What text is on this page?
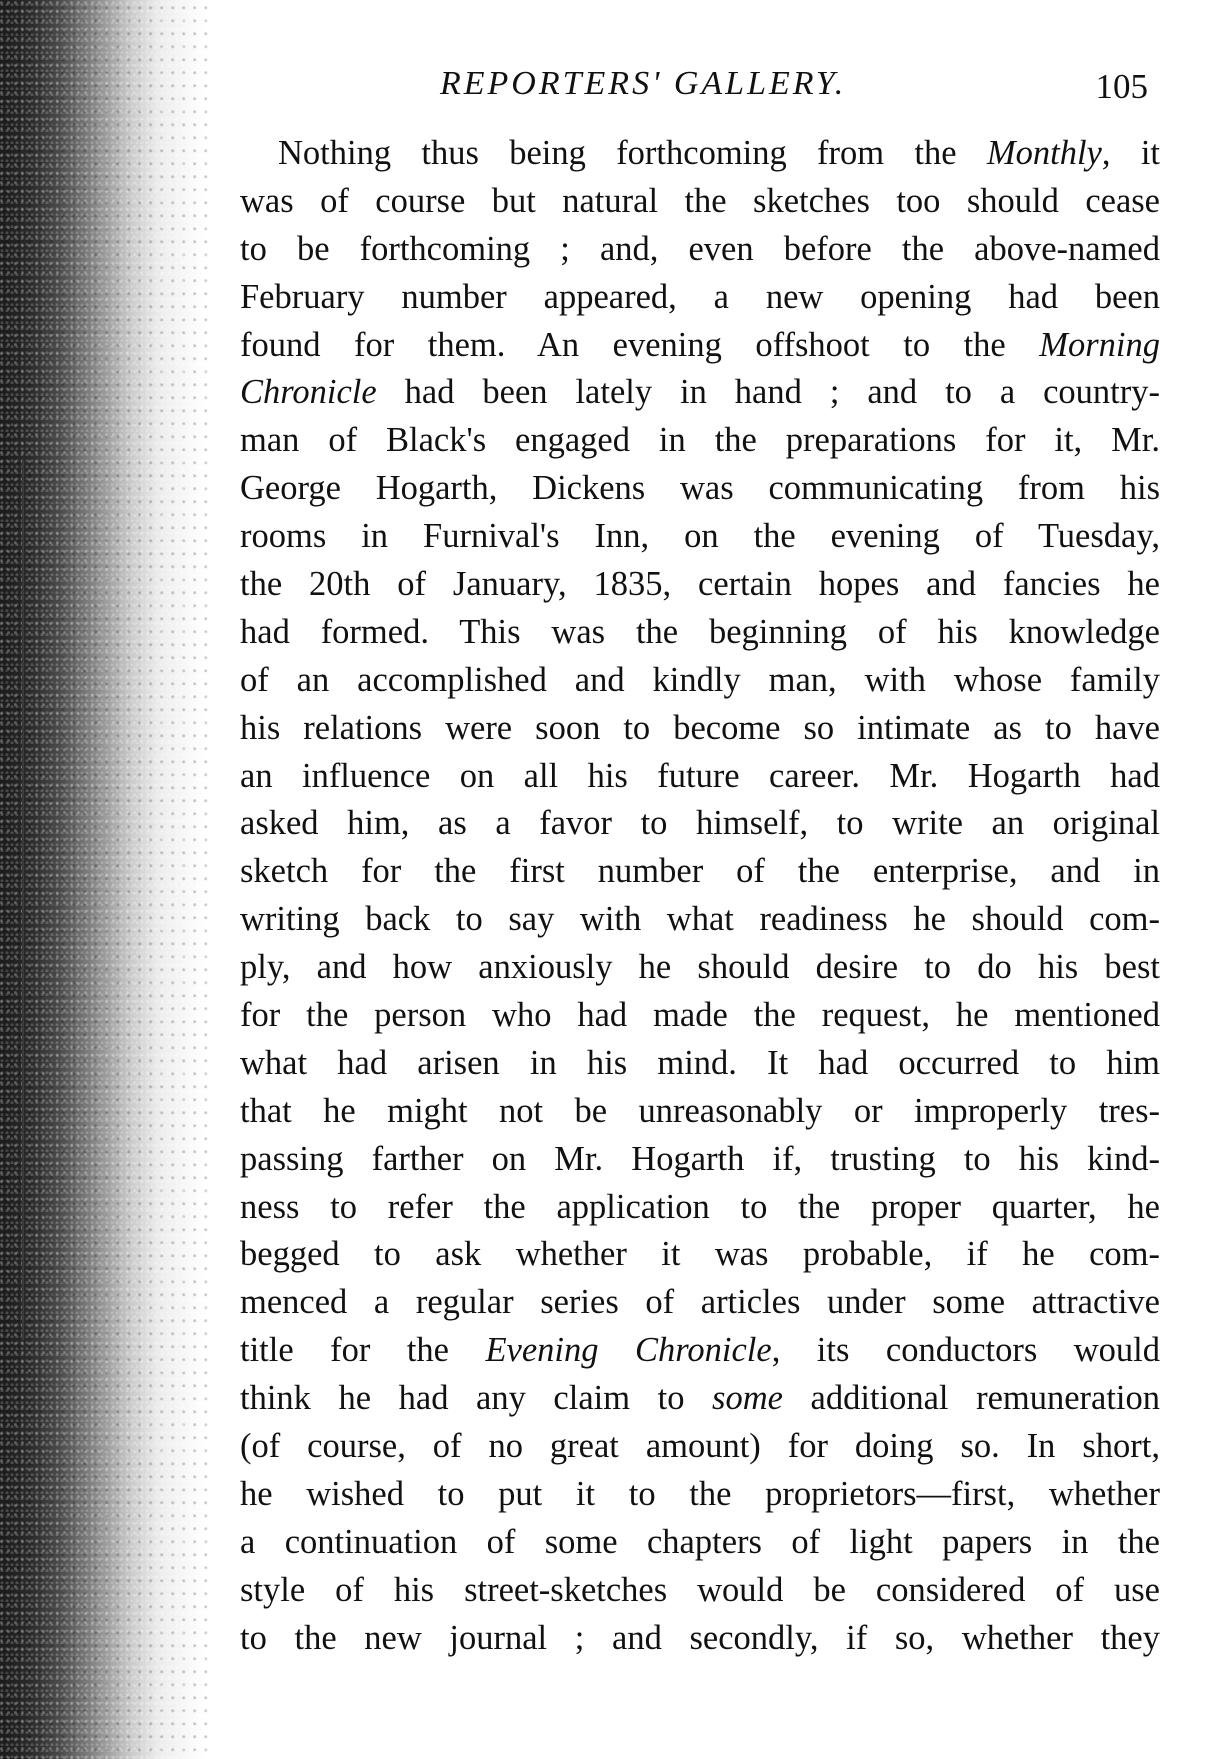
REPORTERS' GALLERY.	105
Nothing thus being forthcoming from the Monthly, it
was of course but natural the sketches too should cease
to be forthcoming ; and, even before the above-named
February number appeared, a new opening had been
found for them. An evening offshoot to the Morning
Chronicle had been lately in hand ; and to a country-
man of Black's engaged in the preparations for it, Mr.
George Hogarth, Dickens was communicating from his
rooms in Furnival's Inn, on the evening of Tuesday,
the 20th of January, 1835, certain hopes and fancies he
had formed. This was the beginning of his knowledge
of an accomplished and kindly man, with whose family
his relations were soon to become so intimate as to have
an influence on all his future career. Mr. Hogarth had
asked him, as a favor to himself, to write an original
sketch for the first number of the enterprise, and in
writing back to say with what readiness he should com-
ply, and how anxiously he should desire to do his best
for the person who had made the request, he mentioned
what had arisen in his mind. It had occurred to him
that he might not be unreasonably or improperly tres-
passing farther on Mr. Hogarth if, trusting to his kind-
ness to refer the application to the proper quarter, he
begged to ask whether it was probable, if he com-
menced a regular series of articles under some attractive
title for the Evening Chronicle, its conductors would
think he had any claim to some additional remuneration
(of course, of no great amount) for doing so. In short,
he wished to put it to the proprietors—first, whether
a continuation of some chapters of light papers in the
style of his street-sketches would be considered of use
to the new journal ; and secondly, if so, whether they
